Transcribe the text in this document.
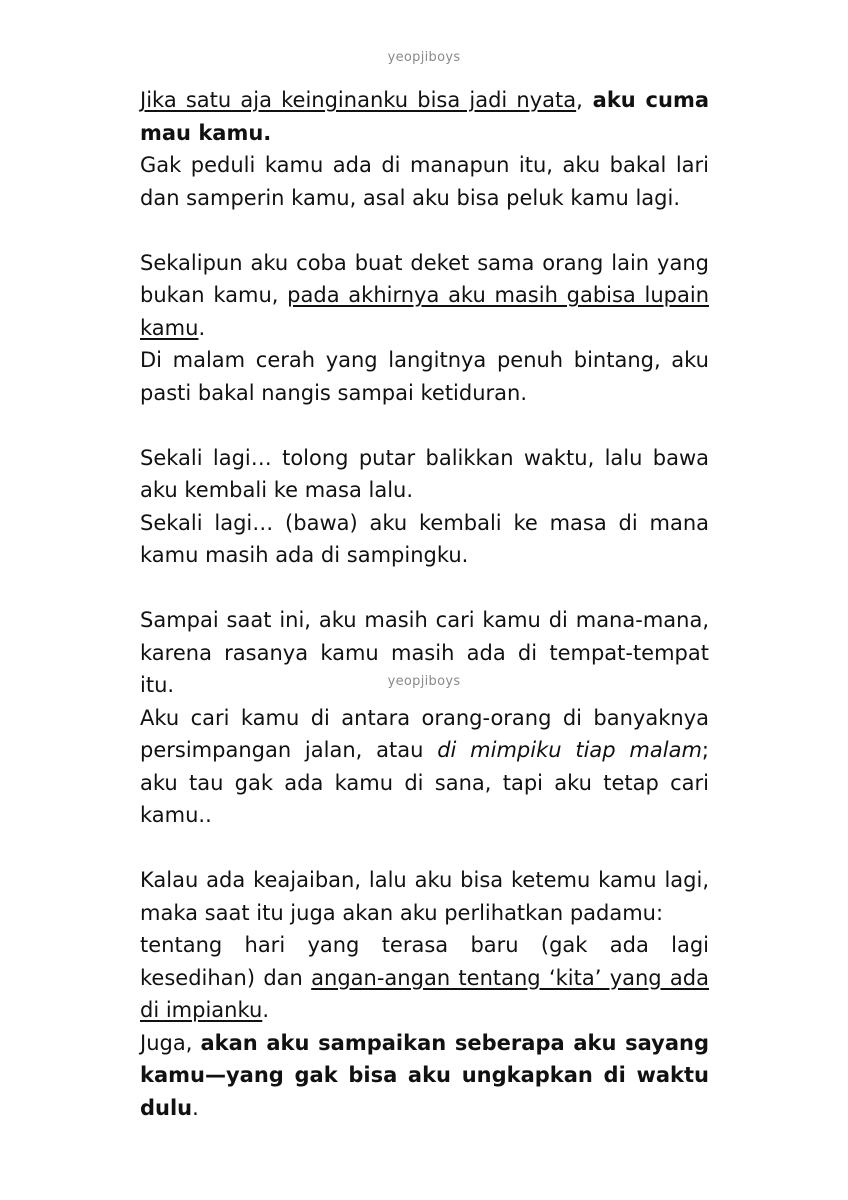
yeopjiboys

Jika satu aja keinginanku bisa jadi nyata, aku cuma mau kamu.

Gak peduli kamu ada di manapun itu, aku bakal lari dan samperin kamu, asal aku bisa peluk kamu lagi.

Sekalipun aku coba buat deket sama orang lain yang bukan kamu, pada akhirnya aku masih gabisa lupain kamu.

Di malam cerah yang langitnya penuh bintang, aku pasti bakal nangis sampai ketiduran.

Sekali lagi… tolong putar balikkan waktu, lalu bawa aku kembali ke masa lalu.

Sekali lagi… (bawa) aku kembali ke masa di mana kamu masih ada di sampingku.

Sampai saat ini, aku masih cari kamu di mana-mana, karena rasanya kamu masih ada di tempat-tempat itu.

Aku cari kamu di antara orang-orang di banyaknya persimpangan jalan, atau di mimpiku tiap malam; aku tau gak ada kamu di sana, tapi aku tetap cari kamu..

Kalau ada keajaiban, lalu aku bisa ketemu kamu lagi, maka saat itu juga akan aku perlihatkan padamu:

tentang hari yang terasa baru (gak ada lagi kesedihan) dan angan-angan tentang ‘kita’ yang ada di impianku.

Juga, akan aku sampaikan seberapa aku sayang kamu—yang gak bisa aku ungkapkan di waktu dulu.

yeopjiboys
